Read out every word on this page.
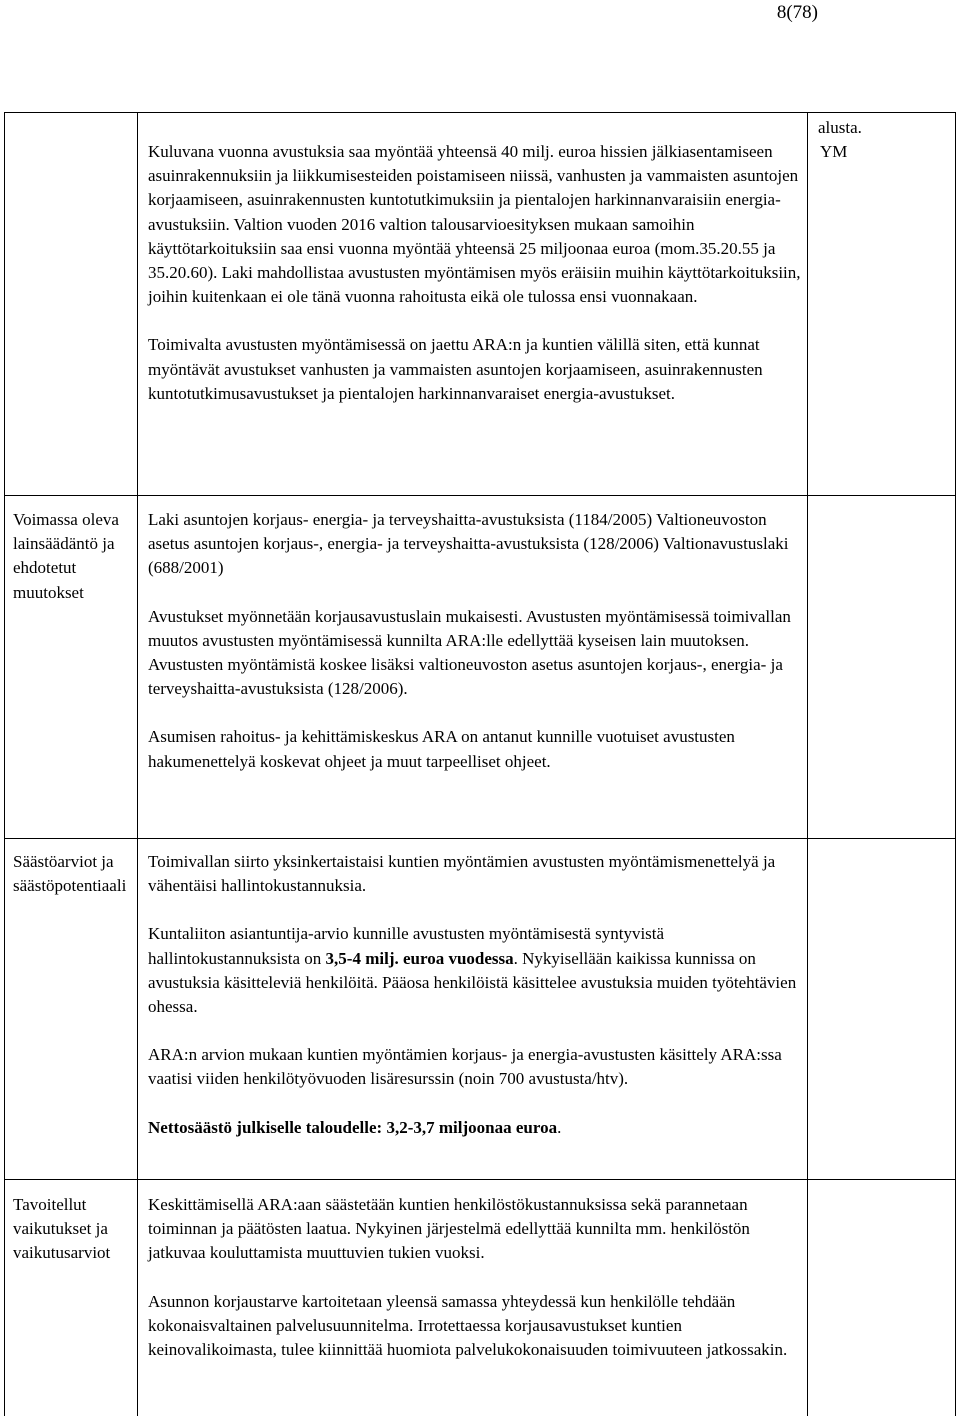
8(78)

Kuluvana vuonna avustuksia saa myöntää yhteensä 40 milj. euroa hissien jälkiasentamiseen asuinrakennuksiin ja liikkumisesteiden poistamiseen niissä, vanhusten ja vammaisten asuntojen korjaamiseen, asuinrakennusten kuntotutkimuksiin ja pientalojen harkinnanvaraisiin energia-avustuksiin. Valtion vuoden 2016 valtion talousarvioesityksen mukaan samoihin käyttötarkoituksiin saa ensi vuonna myöntää yhteensä 25 miljoonaa euroa (mom.35.20.55 ja 35.20.60). Laki mahdollistaa avustusten myöntämisen myös eräisiin muihin käyttötarkoituksiin, joihin kuitenkaan ei ole tänä vuonna rahoitusta eikä ole tulossa ensi vuonnakaan.

Toimivalta avustusten myöntämisessä on jaettu ARA:n ja kuntien välillä siten, että kunnat myöntävät avustukset vanhusten ja vammaisten asuntojen korjaamiseen, asuinrakennusten kuntotutkimusavustukset ja pientalojen harkinnanvaraiset energia-avustukset.

alusta.
YM

Voimassa oleva lainsäädäntö ja ehdotetut muutokset

Laki asuntojen korjaus- energia- ja terveyshaitta-avustuksista (1184/2005) Valtioneuvoston asetus asuntojen korjaus-, energia- ja terveyshaitta-avustuksista (128/2006) Valtionavustuslaki (688/2001)

Avustukset myönnetään korjausavustuslain mukaisesti. Avustusten myöntämisessä toimivallan muutos avustusten myöntämisessä kunnilta ARA:lle edellyttää kyseisen lain muutoksen. Avustusten myöntämistä koskee lisäksi valtioneuvoston asetus asuntojen korjaus-, energia- ja terveyshaitta-avustuksista (128/2006).

Asumisen rahoitus- ja kehittämiskeskus ARA on antanut kunnille vuotuiset avustusten hakumenettelyä koskevat ohjeet ja muut tarpeelliset ohjeet.

Säästöarviot ja säästöpotentiaali

Toimivallan siirto yksinkertaistaisi kuntien myöntämien avustusten myöntämismenettelyä ja vähentäisi hallintokustannuksia.

Kuntaliiton asiantuntija-arvio kunnille avustusten myöntämisestä syntyvistä hallintokustannuksista on 3,5-4 milj. euroa vuodessa. Nykyisellään kaikissa kunnissa on avustuksia käsitteleviä henkilöitä. Pääosa henkilöistä käsittelee avustuksia muiden työtehtävien ohessa.

ARA:n arvion mukaan kuntien myöntämien korjaus- ja energia-avustusten käsittely ARA:ssa vaatisi viiden henkilötyövuoden lisäresurssin (noin 700 avustusta/htv).

Nettosäästö julkiselle taloudelle: 3,2-3,7 miljoonaa euroa.

Tavoitellut vaikutukset ja vaikutusarviot

Keskittämisellä ARA:aan säästetään kuntien henkilöstökustannuksissa sekä parannetaan toiminnan ja päätösten laatua. Nykyinen järjestelmä edellyttää kunnilta mm. henkilöstön jatkuvaa kouluttamista muuttuvien tukien vuoksi.

Asunnon korjaustarve kartoitetaan yleensä samassa yhteydessä kun henkilölle tehdään kokonaisvaltainen palvelusuunnitelma. Irrotettaessa korjausavustukset kuntien keinovalikoimasta, tulee kiinnittää huomiota palvelukokonaisuuden toimivuuteen jatkossakin.
